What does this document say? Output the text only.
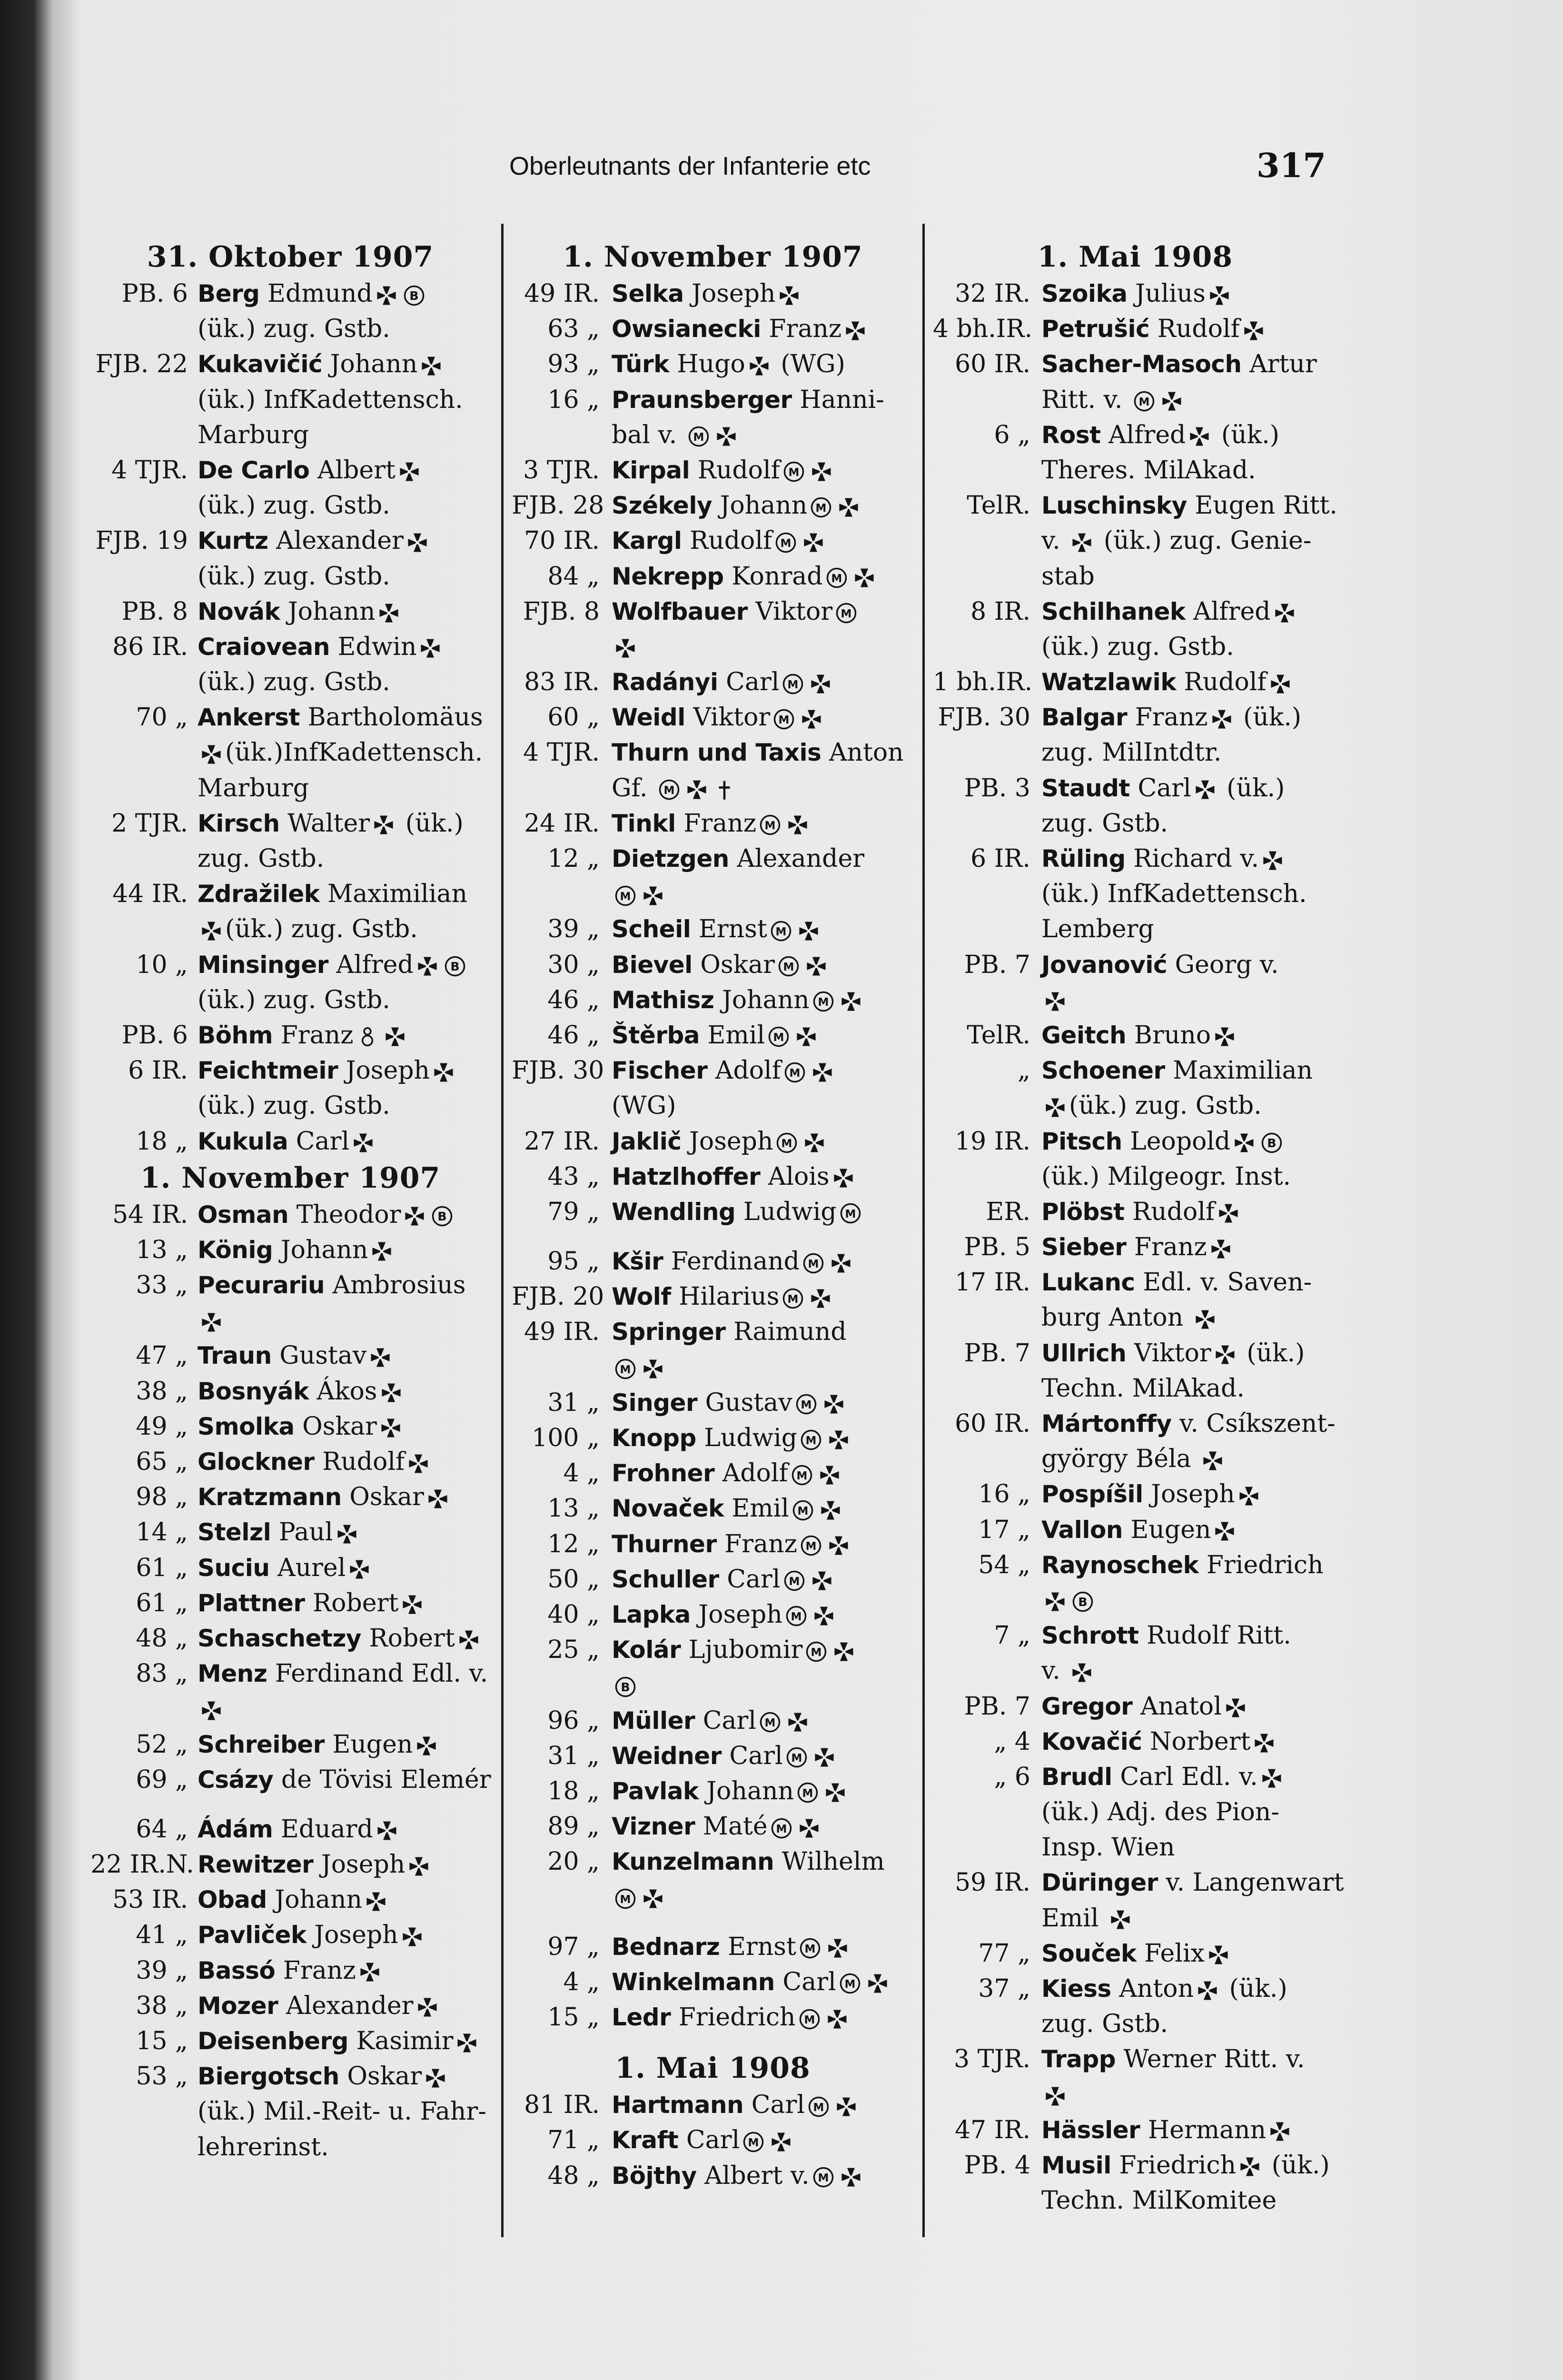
Oberleutnants der Infanterie etc	317
31. Oktober 1907
PB. 6 Berg Edmund	B
(ük.) zug. Gstb.
FJB. 22 Kukavičić Johann
(ük.) InfKadettensch.
Marburg
4 TJR. De Carlo Albert
(ük.) zug. Gstb.
FJB. 19 Kurtz Alexander
(ük.) zug. Gstb.
PB. 8 Novák Johann
86 IR. Craiovean Edwin
(ük.) zug. Gstb.
70 „ Ankerst Bartholomäus
(ük.)InfKadettensch.
Marburg
2 TJR. Kirsch Walter (ük.)
zug. Gstb.
44 IR. Zdražilek Maximilian
(ük.) zug. Gstb.
10 „ Minsinger Alfred	B
(ük.) zug. Gstb.
PB. 6 Böhm Franz
6 IR. Feichtmeir Joseph
(ük.) zug. Gstb.
18 „ Kukula Carl
1. November 1907
54 IR. Osman Theodor	B
13 „ König Johann
33 „ Pecurariu Ambrosius
47 „ Traun Gustav
38 „ Bosnyák Ákos
49 „ Smolka Oskar
65 „ Glockner Rudolf
98 „ Kratzmann Oskar
14 „ Stelzl Paul
61 „ Suciu Aurel
61 „ Plattner Robert
48 „ Schaschetzy Robert
83 „ Menz Ferdinand Edl. v.
52 „ Schreiber Eugen
69 „ Csázy de Tövisi Elemér
64 „ Ádám Eduard
22 IR.N. Rewitzer Joseph
53 IR. Obad Johann
41 „ Pavliček Joseph
39 „ Bassó Franz
38 „ Mozer Alexander
15 „ Deisenberg Kasimir
53 „ Biergotsch Oskar
(ük.) Mil.-Reit- u. Fahr-
lehrerinst.
1. November 1907
49 IR. Selka Joseph
63 „ Owsianecki Franz
93 „ Türk Hugo (WG)
16 „ Praunsberger Hanni-
bal v. M
3 TJR. Kirpal Rudolf M
FJB. 28 Székely Johann M
70 IR. Kargl Rudolf M
84 „ Nekrepp Konrad M
FJB. 8 Wolfbauer Viktor M
83 IR. Radányi Carl M
60 „ Weidl Viktor M
4 TJR. Thurn und Taxis Anton
Gf. M
24 IR. Tinkl Franz M
12 „ Dietzgen Alexander
M
39 „ Scheil Ernst M
30 „ Bievel Oskar M
46 „ Mathisz Johann M
46 „ Štěrba Emil M
FJB. 30 Fischer Adolf M
(WG)
27 IR. Jaklič Joseph M
43 „ Hatzlhoffer Alois
79 „ Wendling Ludwig M
95 „ Kšir Ferdinand M
FJB. 20 Wolf Hilarius M
49 IR. Springer Raimund
M
31 „ Singer Gustav M
100 „ Knopp Ludwig M
4 „ Frohner Adolf M
13 „ Novaček Emil M
12 „ Thurner Franz M
50 „ Schuller Carl M
40 „ Lapka Joseph M
25 „ Kolár Ljubomir M
B
96 „ Müller Carl M
31 „ Weidner Carl M
18 „ Pavlak Johann M
89 „ Vizner Maté M
20 „ Kunzelmann Wilhelm
M
97 „ Bednarz Ernst M
4 „ Winkelmann Carl M
15 „ Ledr Friedrich M
1. Mai 1908
81 IR. Hartmann Carl M
71 „ Kraft Carl M
48 „ Böjthy Albert v. M
1. Mai 1908
32 IR. Szoika Julius
4 bh.IR. Petrušić Rudolf
60 IR. Sacher-Masoch Artur
Ritt. v. M
6 „ Rost Alfred (ük.)
Theres. MilAkad.
TelR. Luschinsky Eugen Ritt.
v. (ük.) zug. Genie-
stab
8 IR. Schilhanek Alfred
(ük.) zug. Gstb.
1 bh.IR. Watzlawik Rudolf
FJB. 30 Balgar Franz (ük.)
zug. MilIntdtr.
PB. 3 Staudt Carl (ük.)
zug. Gstb.
6 IR. Rüling Richard v.
(ük.) InfKadettensch.
Lemberg
PB. 7 Jovanović Georg v.
TelR. Geitch Bruno
„ Schoener Maximilian
(ük.) zug. Gstb.
19 IR. Pitsch Leopold	B
(ük.) Milgeogr. Inst.
ER. Plöbst Rudolf
PB. 5 Sieber Franz
17 IR. Lukanc Edl. v. Saven-
burg Anton
PB. 7 Ullrich Viktor (ük.)
Techn. MilAkad.
60 IR. Mártonffy v. Csíkszent-
györgy Béla
16 „ Pospíšil Joseph
17 „ Vallon Eugen
54 „ Raynoschek Friedrich
B
7 „ Schrott Rudolf Ritt.
v.
PB. 7 Gregor Anatol
„ 4 Kovačić Norbert
„ 6 Brudl Carl Edl. v.
(ük.) Adj. des Pion-
Insp. Wien
59 IR. Düringer v. Langenwart
Emil
77 „ Souček Felix
37 „ Kiess Anton (ük.)
zug. Gstb.
3 TJR. Trapp Werner Ritt. v.
47 IR. Hässler Hermann
PB. 4 Musil Friedrich (ük.)
Techn. MilKomitee
